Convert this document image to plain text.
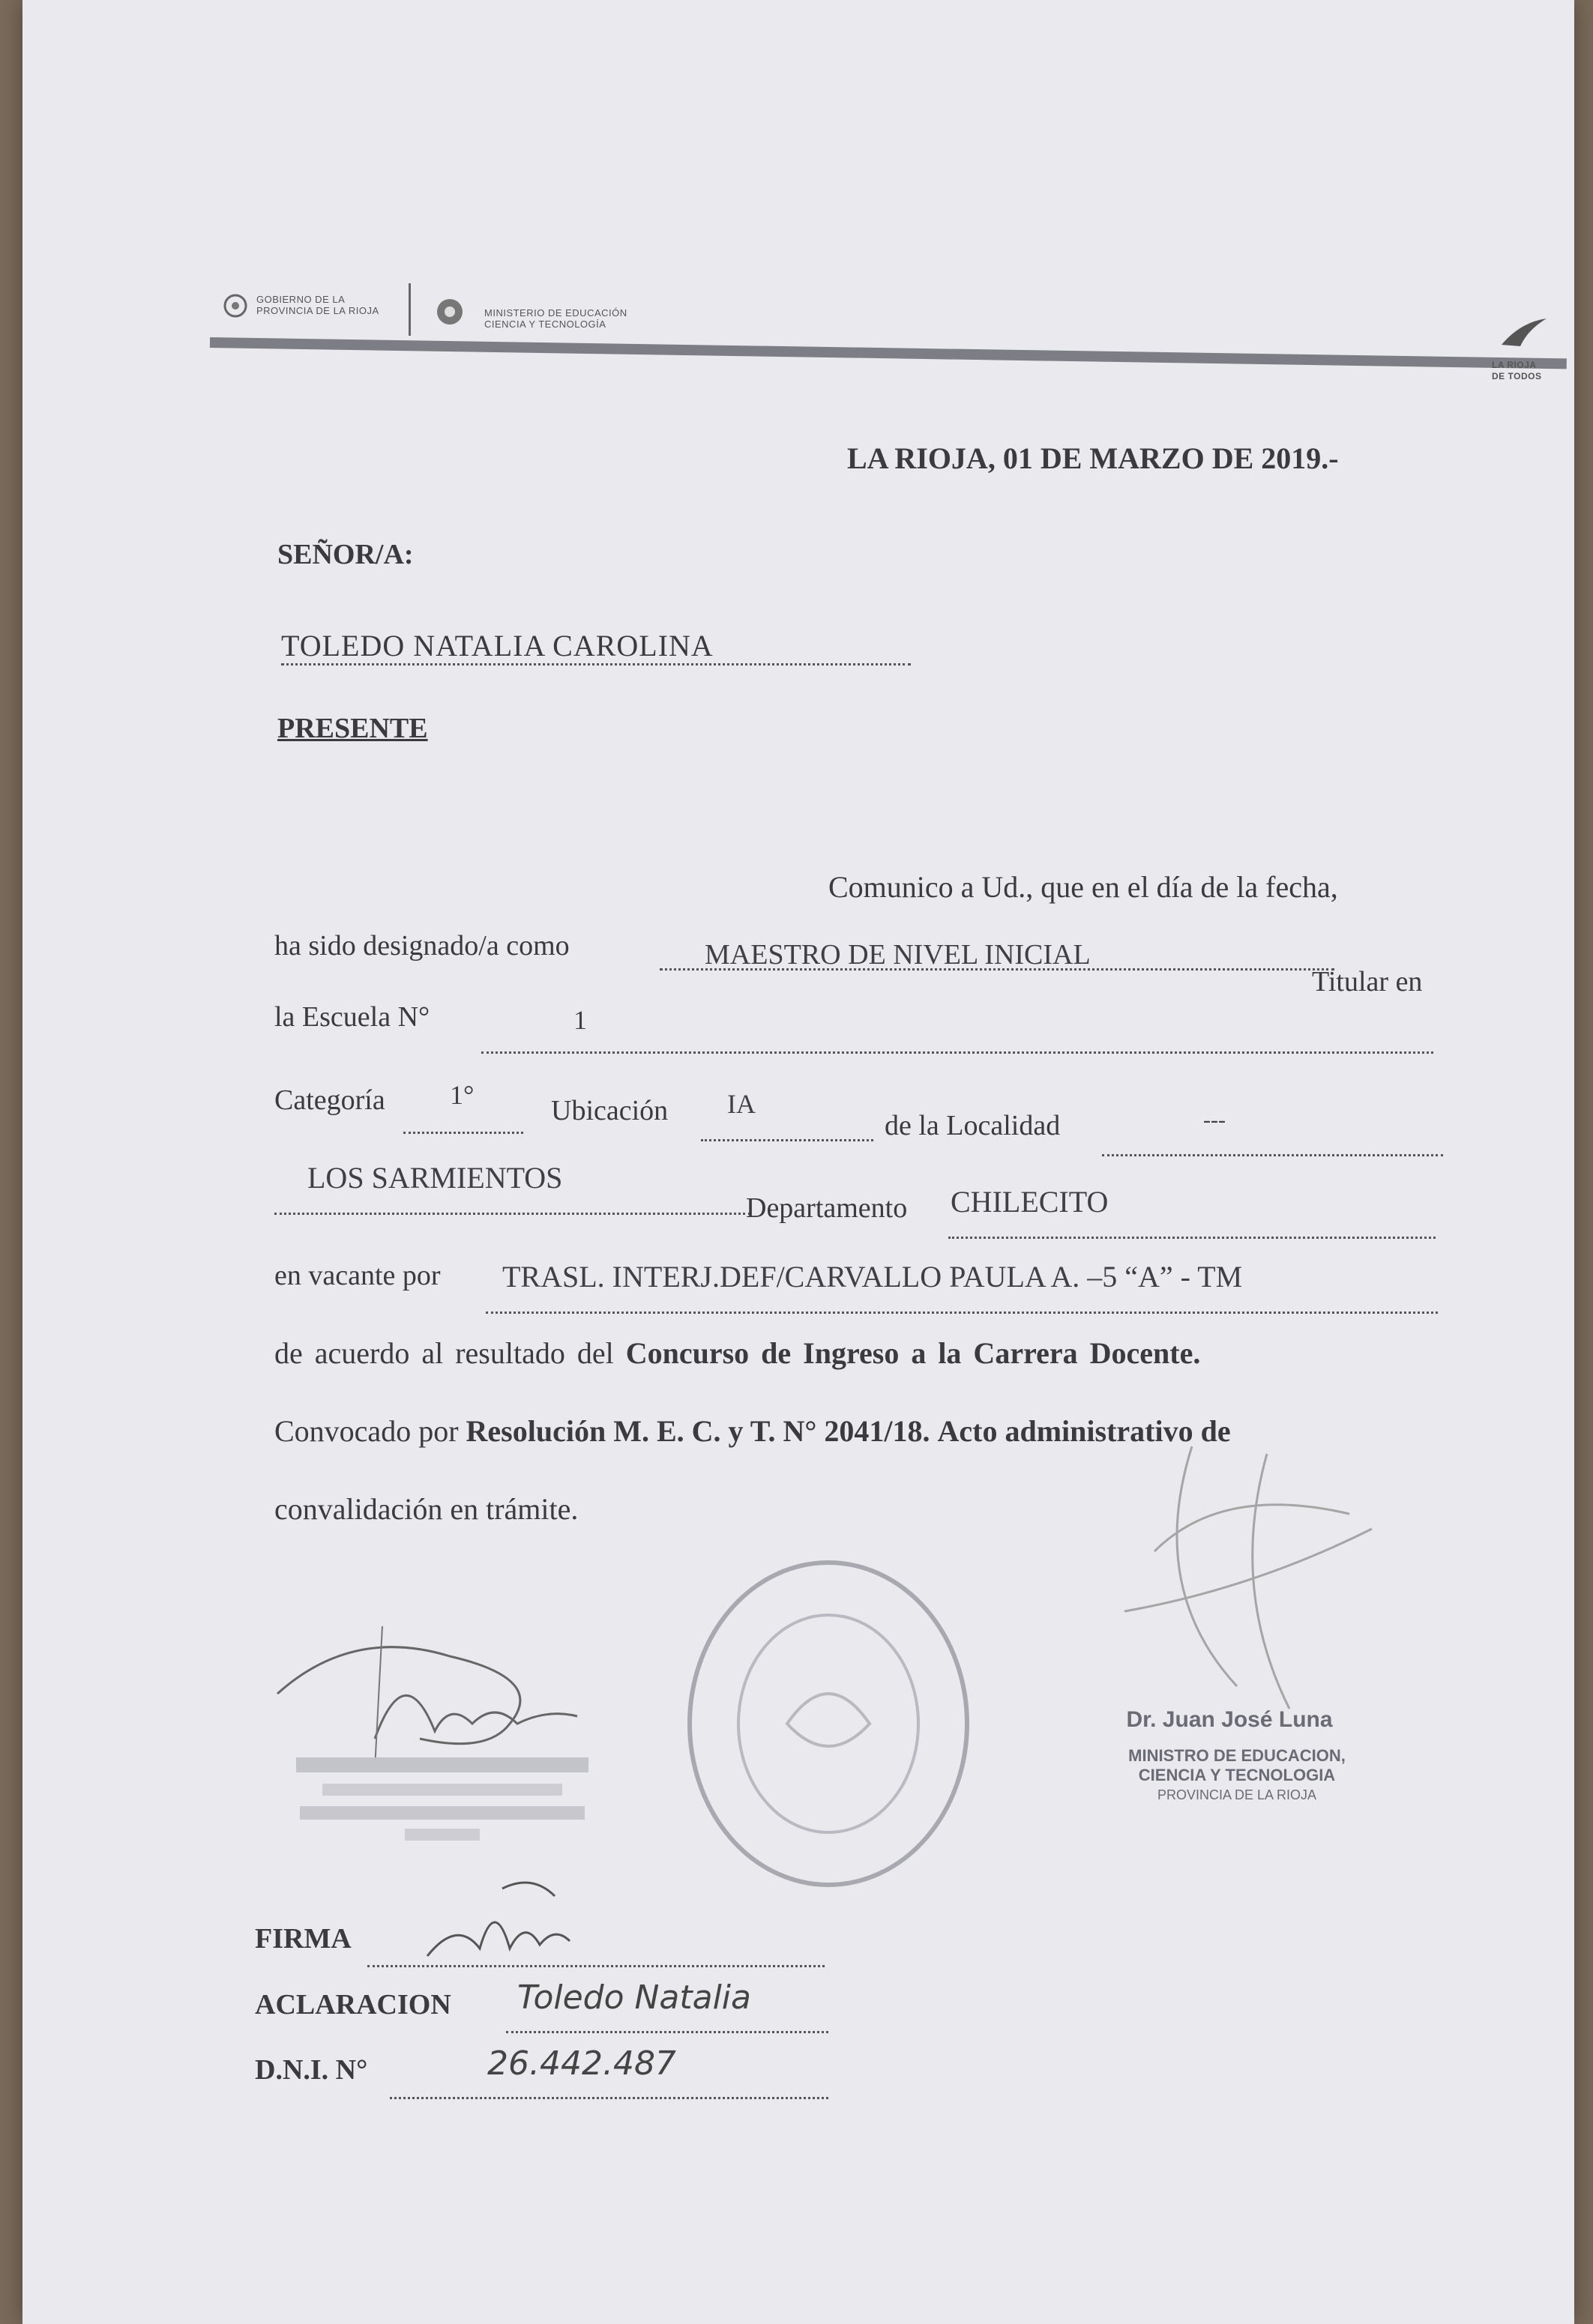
GOBIERNO DE LA
PROVINCIA DE LA RIOJA	MINISTERIO DE EDUCACIÓN
CIENCIA Y TECNOLOGÍA
LA RIOJA
DE TODOS
LA RIOJA, 01 DE MARZO DE 2019.-
SEÑOR/A:
TOLEDO NATALIA CAROLINA
PRESENTE
Comunico a Ud., que en el día de la fecha,
ha sido designado/a como	MAESTRO DE NIVEL INICIAL
Titular en
la Escuela N°	1
Categoría 1°	Ubicación IA
de la Localidad	---
LOS SARMIENTOS
Departamento CHILECITO
en vacante por TRASL. INTERJ.DEF/CARVALLO PAULA A. –5 “A” - TM
de acuerdo al resultado del Concurso de Ingreso a la Carrera Docente.
Convocado por Resolución M. E. C. y T. N° 2041/18. Acto administrativo de
convalidación en trámite.
Dr. Juan José Luna
MINISTRO DE EDUCACION,
CIENCIA Y TECNOLOGIA
PROVINCIA DE LA RIOJA
FIRMA
ACLARACION Toledo Natalia
D.N.I. N°	26.442.487
